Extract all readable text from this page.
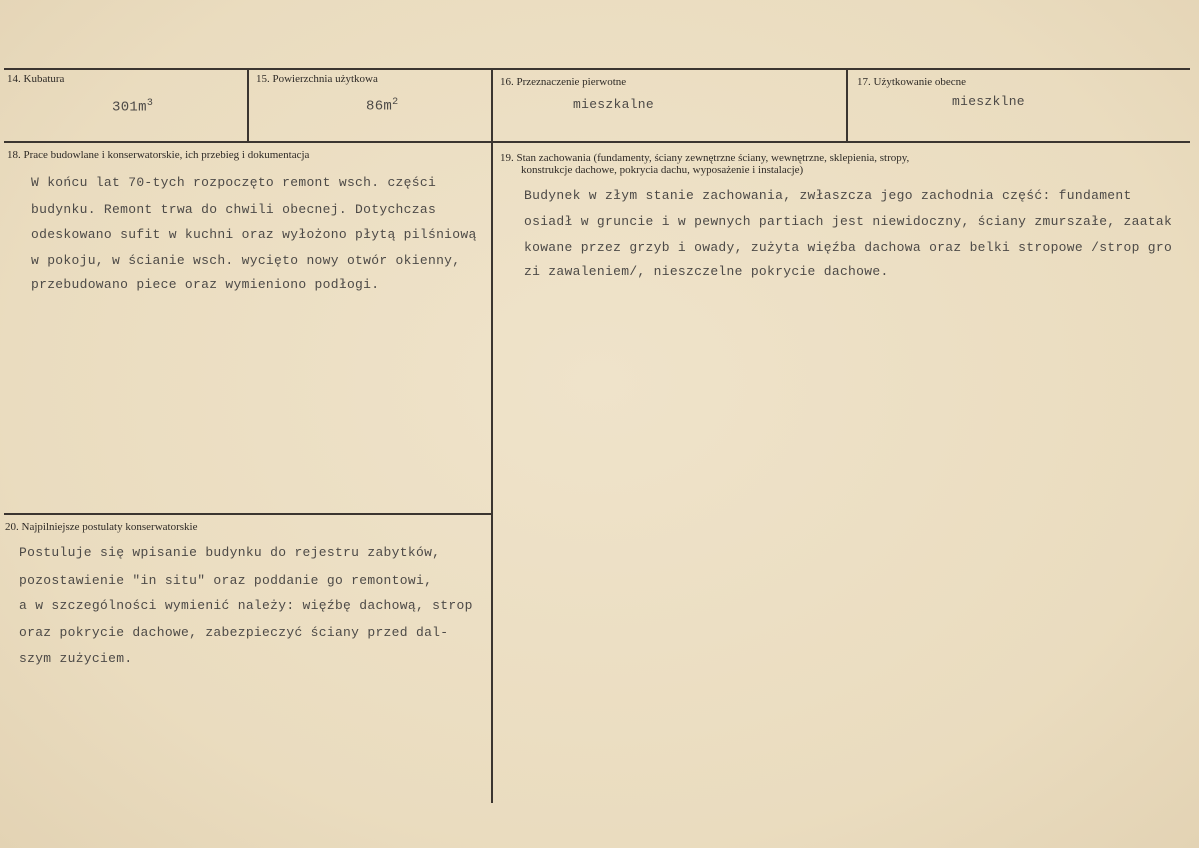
14. Kubatura
$301m^3$
15. Powierzchnia użytkowa
$86m^2$
16. Przeznaczenie pierwotne
mieszkalne
17. Użytkowanie obecne
mieszklne
18. Prace budowlane i konserwatorskie, ich przebieg i dokumentacja
W końcu lat 70-tych rozpoczęto remont wsch. części
budynku. Remont trwa do chwili obecnej. Dotychczas
odeskowano sufit w kuchni oraz wyłożono płytą pilśniową
w pokoju, w ścianie wsch. wycięto nowy otwór okienny,
przebudowano piece oraz wymieniono podłogi.
19. Stan zachowania (fundamenty, ściany zewnętrzne ściany, wewnętrzne, sklepienia, stropy,
konstrukcje dachowe, pokrycia dachu, wyposażenie i instalacje)
Budynek w złym stanie zachowania, zwłaszcza jego zachodnia część: fundament
osiadł w gruncie i w pewnych partiach jest niewidoczny, ściany zmurszałe, zaatak
kowane przez grzyb i owady, zużyta więźba dachowa oraz belki stropowe /strop gro
zi zawaleniem/, nieszczelne pokrycie dachowe.
20. Najpilniejsze postulaty konserwatorskie
Postuluje się wpisanie budynku do rejestru zabytków,
pozostawienie "in situ" oraz poddanie go remontowi,
a w szczególności wymienić należy: więźbę dachową, strop
oraz pokrycie dachowe, zabezpieczyć ściany przed dal-
szym zużyciem.
